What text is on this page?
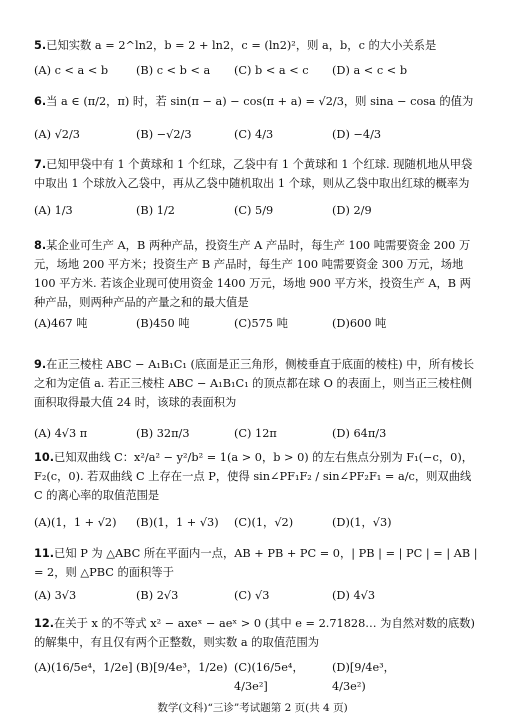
5.已知实数 a = 2^ln2，b = 2 + ln2，c = (ln2)²，则 a，b，c 的大小关系是
(A) c < a < b	(B) c < b < a	(C) b < a < c	(D) a < c < b
6.当 a ∈ (π/2，π) 时，若 sin(π − a) − cos(π + a) = √2/3，则 sina − cosa 的值为
(A) √2/3	(B) −√2/3	(C) 4/3	(D) −4/3
7.已知甲袋中有 1 个黄球和 1 个红球，乙袋中有 1 个黄球和 1 个红球. 现随机地从甲袋中取出 1 个球放入乙袋中，再从乙袋中随机取出 1 个球，则从乙袋中取出红球的概率为
(A) 1/3	(B) 1/2	(C) 5/9	(D) 2/9
8.某企业可生产 A，B 两种产品，投资生产 A 产品时，每生产 100 吨需要资金 200 万元，场地 200 平方米；投资生产 B 产品时，每生产 100 吨需要资金 300 万元，场地 100 平方米. 若该企业现可使用资金 1400 万元，场地 900 平方米，投资生产 A，B 两种产品，则两种产品的产量之和的最大值是
(A)467 吨	(B)450 吨	(C)575 吨	(D)600 吨
9.在正三棱柱 ABC − A₁B₁C₁ (底面是正三角形，侧棱垂直于底面的棱柱) 中，所有棱长之和为定值 a. 若正三棱柱 ABC − A₁B₁C₁ 的顶点都在球 O 的表面上，则当正三棱柱侧面积取得最大值 24 时，该球的表面积为
(A) 4√3 π	(B) 32π/3	(C) 12π	(D) 64π/3
10.已知双曲线 C：x²/a² − y²/b² = 1(a > 0，b > 0) 的左右焦点分别为 F₁(−c，0)，F₂(c，0). 若双曲线 C 上存在一点 P，使得 sin∠PF₁F₂ / sin∠PF₂F₁ = a/c，则双曲线 C 的离心率的取值范围是
(A)(1，1 + √2)	(B)(1，1 + √3)	(C)(1，√2)	(D)(1，√3)
11.已知 P 为 △ABC 所在平面内一点，AB + PB + PC = 0，| PB | = | PC | = | AB | = 2，则 △PBC 的面积等于
(A) 3√3	(B) 2√3	(C) √3	(D) 4√3
12.在关于 x 的不等式 x² − axeˣ − aeˣ > 0 (其中 e = 2.71828… 为自然对数的底数) 的解集中，有且仅有两个正整数，则实数 a 的取值范围为
(A)(16/5e⁴，1/2e] (B)[9/4e³，1/2e) (C)(16/5e⁴，4/3e²]
(D)[9/4e³，4/3e²)
数学(文科)“三诊”考试题第 2 页(共 4 页)
